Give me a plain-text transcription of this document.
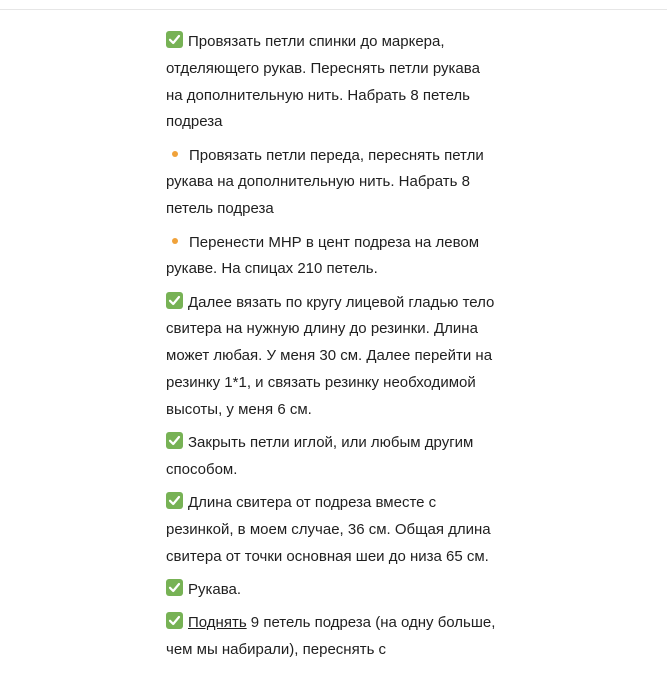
Провязать петли спинки до маркера, отделяющего рукав. Переснять петли рукава на дополнительную нить. Набрать 8 петель подреза

Провязать петли переда, переснять петли рукава на дополнительную нить. Набрать 8 петель подреза

Перенести МНР в цент подреза на левом рукаве. На спицах 210 петель.

Далее вязать по кругу лицевой гладью тело свитера на нужную длину до резинки. Длина может любая. У меня 30 см. Далее перейти на резинку 1*1, и связать резинку необходимой высоты, у меня 6 см.

Закрыть петли иглой, или любым другим способом.

Длина свитера от подреза вместе с резинкой, в моем случае, 36 см. Общая длина свитера от точки основная шеи до низа 65 см.

Рукава.

Поднять 9 петель подреза (на одну больше, чем мы набирали), переснять с
